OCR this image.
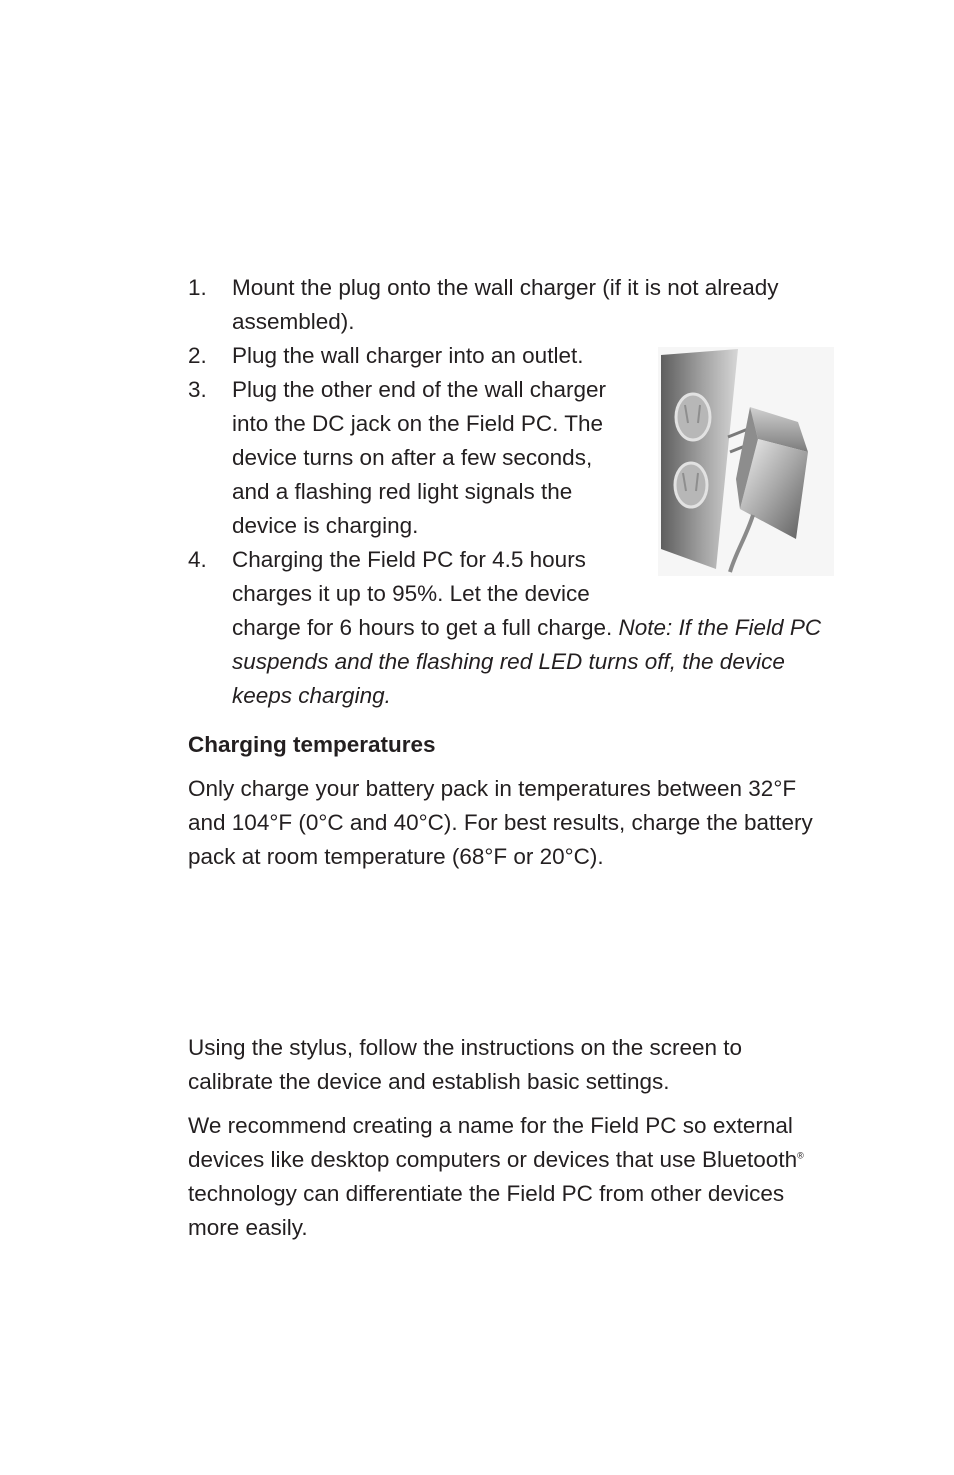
1. Mount the plug onto the wall charger (if it is not already assembled).
2. Plug the wall charger into an outlet.
3. Plug the other end of the wall charger into the DC jack on the Field PC. The device turns on after a few seconds, and a flashing red light signals the device is charging.
4. Charging the Field PC for 4.5 hours
charges it up to 95%. Let the device
charge for 6 hours to get a full charge. Note: If the Field PC suspends and the flashing red LED turns off, the device keeps charging.
Charging temperatures

Only charge your battery pack in temperatures between 32°F and 104°F (0°C and 40°C). For best results, charge the battery pack at room temperature (68°F or 20°C).

Using the stylus, follow the instructions on the screen to calibrate the device and establish basic settings.

We recommend creating a name for the Field PC so external devices like desktop computers or devices that use Bluetooth® technology can differentiate the Field PC from other devices more easily.
